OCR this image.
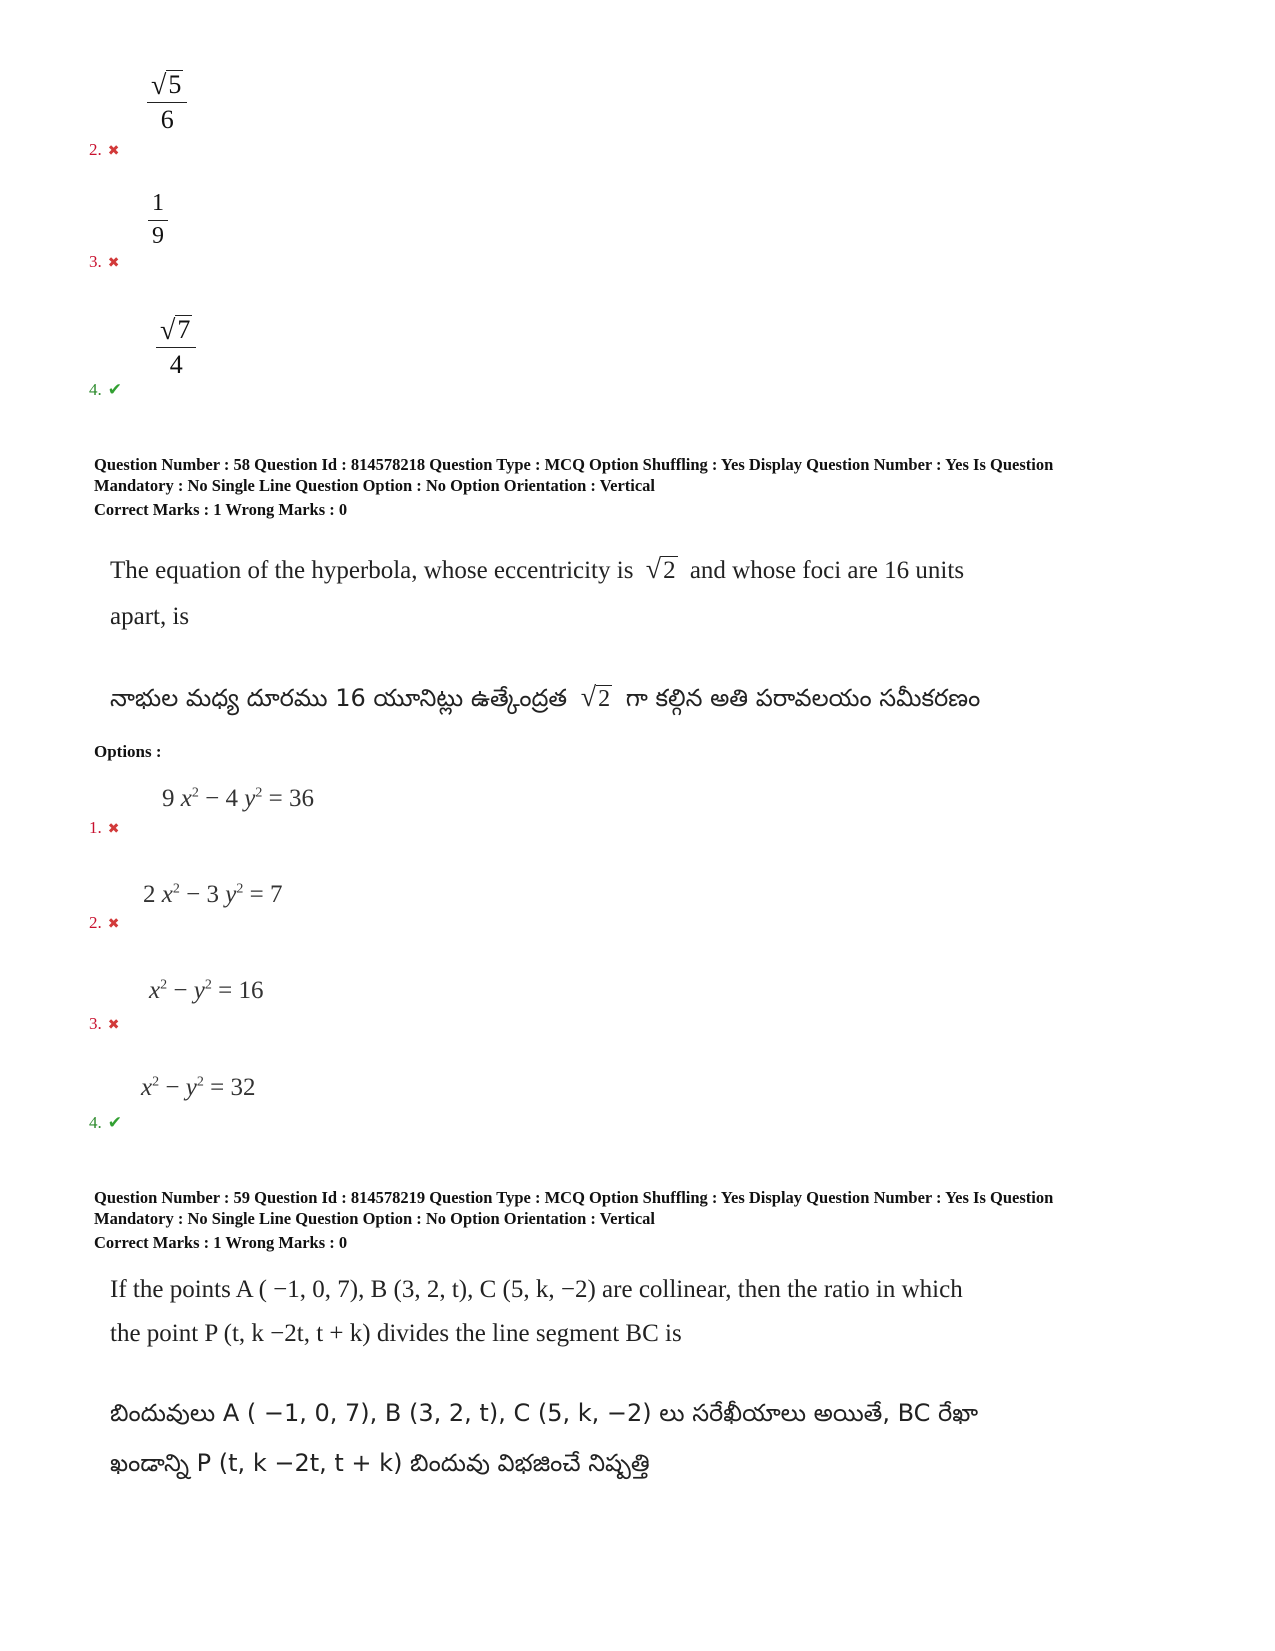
$\frac{√ 5}{6}$
2. ✖
$\frac{1}{9}$
3. ✖
$\frac{√ 7}{4}$
4. ✔
Question Number : 58 Question Id : 814578218 Question Type : MCQ Option Shuffling : Yes Display Question Number : Yes Is Question
Mandatory : No Single Line Question Option : No Option Orientation : Vertical
Correct Marks : 1 Wrong Marks : 0
The equation of the hyperbola, whose eccentricity is √ 2 and whose foci are 16 units
apart, is
నాభుల మధ్య దూరము 16 యూనిట్లు ఉత్కేంద్రత √ 2 గా కల్గిన అతి పరావలయం సమీకరణం
Options :
9 $x^2 - 4$ $y^2 = 36$
1. ✖
2 $x^2 - 3$ $y^2 = 7$
2. ✖
$x^2 - y^2 = 16$
3. ✖
$x^2 - y^2 = 32$
4. ✔
Question Number : 59 Question Id : 814578219 Question Type : MCQ Option Shuffling : Yes Display Question Number : Yes Is Question
Mandatory : No Single Line Question Option : No Option Orientation : Vertical
Correct Marks : 1 Wrong Marks : 0
If the points A ( −1, 0, 7), B (3, 2, t), C (5, k, −2) are collinear, then the ratio in which
the point P (t, k −2t, t + k) divides the line segment BC is
బిందువులు A ( −1, 0, 7), B (3, 2, t), C (5, k, −2) లు సరేఖీయాలు అయితే, BC రేఖా
ఖండాన్ని P (t, k −2t, t + k) బిందువు విభజించే నిష్పత్తి
